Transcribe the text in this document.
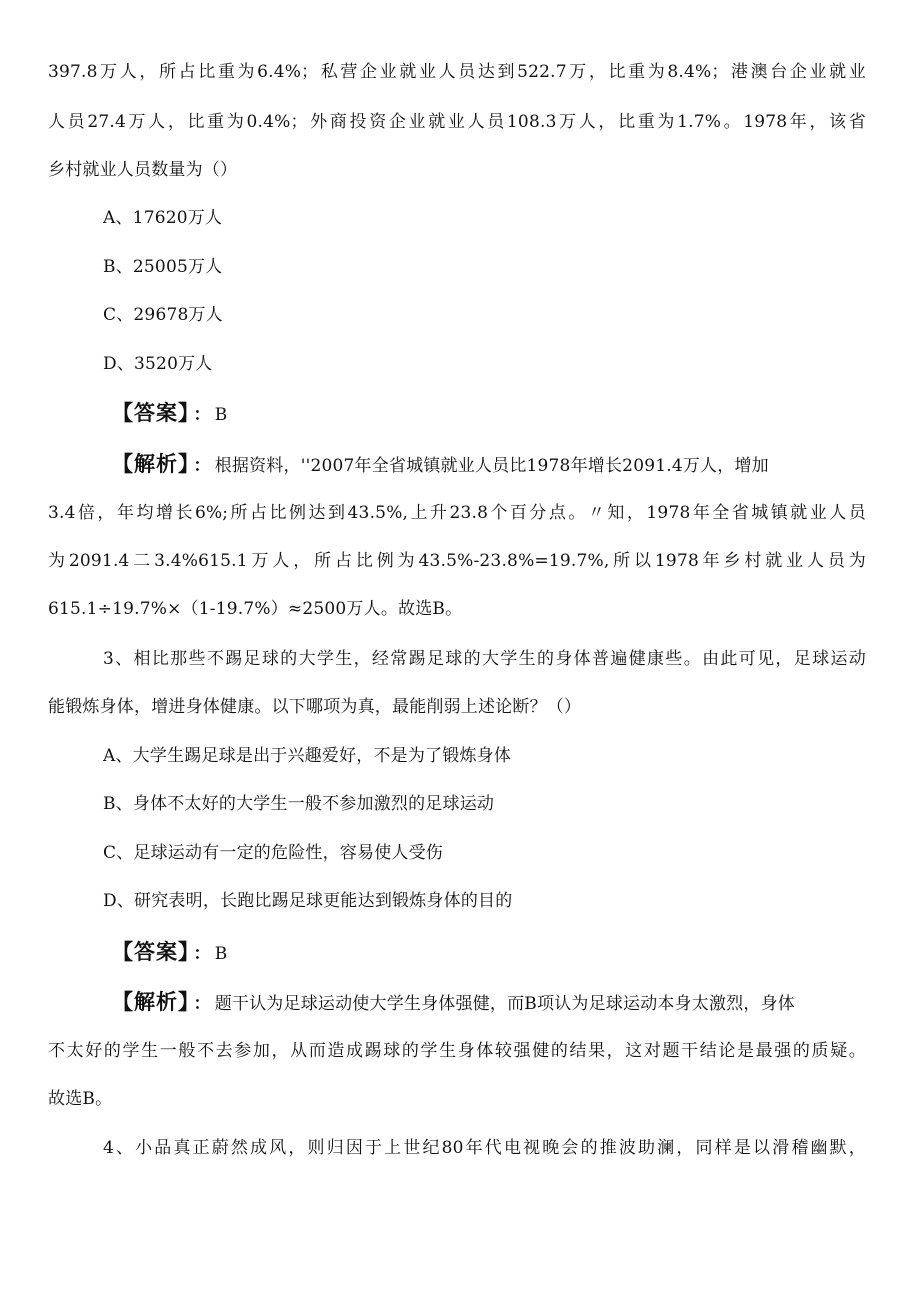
397.8万人，所占比重为6.4%；私营企业就业人员达到522.7万，比重为8.4%；港澳台企业就业
人员27.4万人，比重为0.4%；外商投资企业就业人员108.3万人，比重为1.7%。1978年，该省
乡村就业人员数量为（）
A、17620万人
B、25005万人
C、29678万人
D、3520万人
【答案】 ： B
【解析】 ： 根据资料，''2007年全省城镇就业人员比1978年增长2091.4万人，增加
3.4倍，年均增长6%;所占比例达到43.5%,上升23.8个百分点。〃知，1978年全省城镇就业人员
为2091.4二3.4%615.1万人，所占比例为43.5%-23.8%=19.7%,所以1978年乡村就业人员为
615.1÷19.7%×（1-19.7%）≈2500万人。故选B。
3、相比那些不踢足球的大学生，经常踢足球的大学生的身体普遍健康些。由此可见，足球运动
能锻炼身体，增进身体健康。以下哪项为真，最能削弱上述论断？（）
A、大学生踢足球是出于兴趣爱好，不是为了锻炼身体
B、身体不太好的大学生一般不参加激烈的足球运动
C、足球运动有一定的危险性，容易使人受伤
D、研究表明，长跑比踢足球更能达到锻炼身体的目的
【答案】 ： B
【解析】 ： 题干认为足球运动使大学生身体强健，而B项认为足球运动本身太激烈，身体
不太好的学生一般不去参加，从而造成踢球的学生身体较强健的结果，这对题干结论是最强的质疑。
故选B。
4、小品真正蔚然成风，则归因于上世纪80年代电视晚会的推波助澜，同样是以滑稽幽默，
